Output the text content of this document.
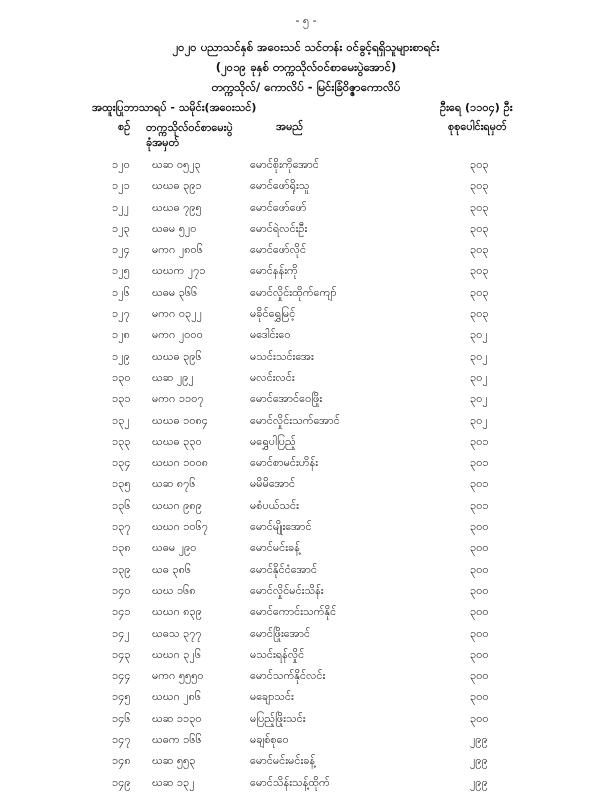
- ၅ -
၂၀၂၀ ပညာသင်နှစ် အဝေးသင် သင်တန်း ဝင်ခွင့်ရရှိသူများစာရင်း
(၂၀၁၉ ခုနှစ် တက္ကသိုလ်ဝင်စာမေးပွဲအောင်)
တက္ကသိုလ်/ ကောလိပ် - မြင်းခြံဝိဇ္ဇာကောလိပ်
အထူးပြုဘာသာရပ် - သမိုင်း(အဝေးသင်)	ဦးရေ (၁၁၀၄) ဦး
စဉ် တက္ကသိုလ်ဝင်စာမေးပွဲ
ခုံအမှတ်
အမည်	စုစုပေါင်းရမှတ်
၁၂၀ ဃဆ ၀၅၂၃	မောင်စိုးကိုအောင်	၃၀၃
၁၂၁ ဃဃဓ ၃၉၁	မောင်ဖော်ရိုးသူ	၃၀၃
၁၂၂ ဃဃဓ ၇၉၅	မောင်ဖော်ဖော်	၃၀၃
၁၂၃ ဃဓမ ၅၂၀	မောင်ရဲလင်းဦး	၃၀၃
၁၂၄ မကဂ ၂၈၀၆	မောင်ဖော်လိုင်	၃၀၃
၁၂၅ ဃဃက ၂၇၁	မောင်နန်းကို	၃၀၃
၁၂၆ ဃဓမ ၃၆၆	မောင်လှိုင်းထိုက်ကျော်	၃၀၃
၁၂၇ မကဂ ၀၃၂၂	မခိုင်ရွှေမြင့်	၃၀၃
၁၂၈ မကဂ ၂၀၀၀	မဒေါင်းဝေ	၃၀၂
၁၂၉ ဃဃဓ ၃၉၆	မသင်းသင်းအေး	၃၀၂
၁၃၀ ဃဆ ၂၉၂	မလင်းလင်း	၃၀၂
၁၃၁ မကဂ ၁၁၀၇	မောင်အောင်ဝေဖြိုး	၃၀၂
၁၃၂ ဃဃဓ ၁၀၈၄	မောင်လှိုင်းသက်အောင်	၃၀၂
၁၃၃ ဃဃဓ ၃၃၀	မရွှေပါပြည့်	၃၀၁
၁၃၄ ဃဃဂ ၁၀၀၈	မောင်စာမင်းဟိန်း	၃၀၁
၁၃၅ ဃဆ ၈၇၆	မမိမိအောင်	၃၀၁
၁၃၆ ဃဃဂ ၉၈၉	မစံပယ်သင်း	၃၀၁
၁၃၇ ဃဃဂ ၁၀၆၇	မောင်မျိုးအောင်	၃၀၀
၁၃၈ ဃဓမ ၂၉၀	မောင်မင်းခန့်	၃၀၀
၁၃၉ ဃဓ ၃၈၆	မောင်နိုင်ငံအောင်	၃၀၀
၁၄၀ ဃဃ ၁၆၈	မောင်လှိုင်မင်းသိန်း	၃၀၀
၁၄၁ ဃဃဂ ၈၃၉	မောင်ကောင်းသက်နိုင်	၃၀၀
၁၄၂ ဃဓသ ၃၇၇	မောင်ဖြိုးအောင်	၃၀၀
၁၄၃ ဃဃဂ ၃၂၆	မသင်းရန်လှိုင်	၃၀၀
၁၄၄ မကဂ ၅၅၅၀	မောင်သက်နိုင်လင်း	၃၀၀
၁၄၅ ဃဃဂ ၂၈၆	မချောသင်း	၃၀၀
၁၄၆ ဃဆ ၁၁၃၀	မပြည့်ဖြိုးသင်း	၃၀၀
၁၄၇ ဃဓက ၁၆၆	မချစ်စုဝေ	၂၉၉
၁၄၈ ဃဆ ၅၅၃	မောင်မင်းမင်းခန့်	၂၉၉
၁၄၉ ဃဆ ၁၃၂	မောင်သိန်းသန့်ထိုက်	၂၉၉
